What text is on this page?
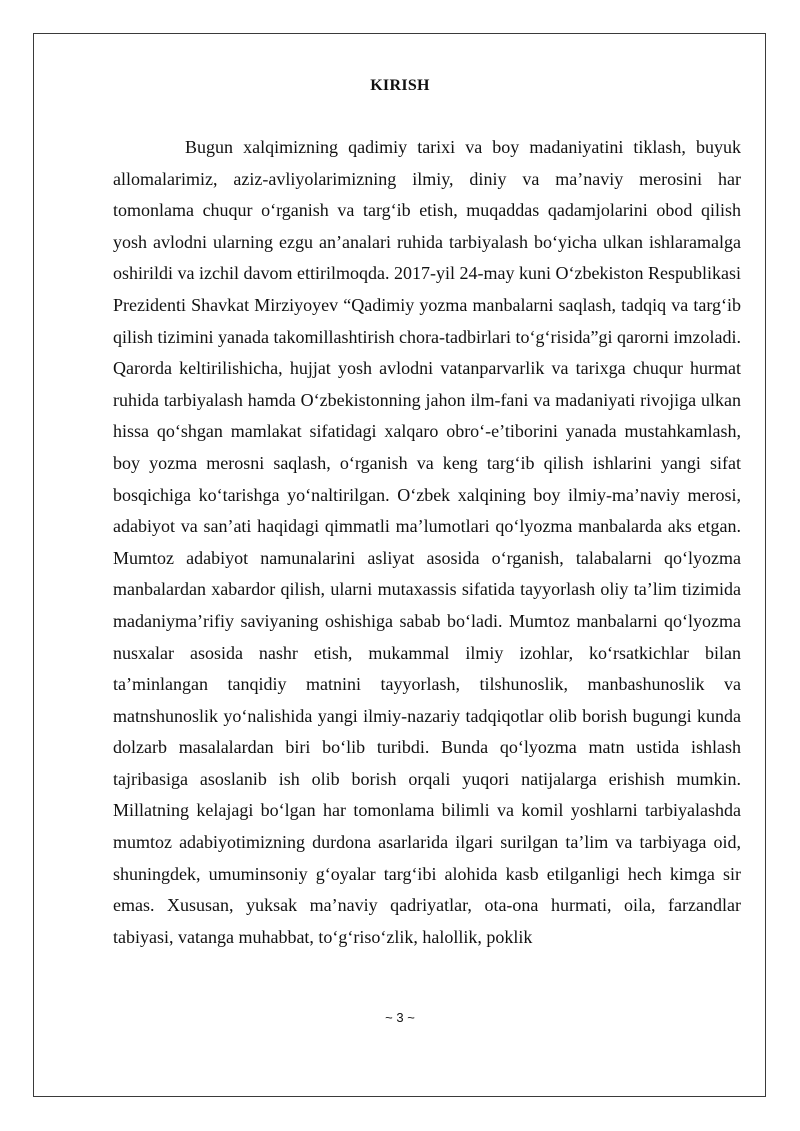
KIRISH

Bugun xalqimizning qadimiy tarixi va boy madaniyatini tiklash, buyuk allomalarimiz, aziz-avliyolarimizning ilmiy, diniy va ma’naviy merosini har tomonlama chuqur o‘rganish va targ‘ib etish, muqaddas qadamjolarini obod qilish yosh avlodni ularning ezgu an’analari ruhida tarbiyalash bo‘yicha ulkan ishlaramalga oshirildi va izchil davom ettirilmoqda. 2017-yil 24-may kuni O‘zbekiston Respublikasi Prezidenti Shavkat Mirziyoyev “Qadimiy yozma manbalarni saqlash, tadqiq va targ‘ib qilish tizimini yanada takomillashtirish chora-tadbirlari to‘g‘risida”gi qarorni imzoladi. Qarorda keltirilishicha, hujjat yosh avlodni vatanparvarlik va tarixga chuqur hurmat ruhida tarbiyalash hamda O‘zbekistonning jahon ilm-fani va madaniyati rivojiga ulkan hissa qo‘shgan mamlakat sifatidagi xalqaro obro‘-e’tiborini yanada mustahkamlash, boy yozma merosni saqlash, o‘rganish va keng targ‘ib qilish ishlarini yangi sifat bosqichiga ko‘tarishga yo‘naltirilgan. O‘zbek xalqining boy ilmiy-ma’naviy merosi, adabiyot va san’ati haqidagi qimmatli ma’lumotlari qo‘lyozma manbalarda aks etgan. Mumtoz adabiyot namunalarini asliyat asosida o‘rganish, talabalarni qo‘lyozma manbalardan xabardor qilish, ularni mutaxassis sifatida tayyorlash oliy ta’lim tizimida madaniyma’rifiy saviyaning oshishiga sabab bo‘ladi. Mumtoz manbalarni qo‘lyozma nusxalar asosida nashr etish, mukammal ilmiy izohlar, ko‘rsatkichlar bilan ta’minlangan tanqidiy matnini tayyorlash, tilshunoslik, manbashunoslik va matnshunoslik yo‘nalishida yangi ilmiy-nazariy tadqiqotlar olib borish bugungi kunda dolzarb masalalardan biri bo‘lib turibdi. Bunda qo‘lyozma matn ustida ishlash tajribasiga asoslanib ish olib borish orqali yuqori natijalarga erishish mumkin. Millatning kelajagi bo‘lgan har tomonlama bilimli va komil yoshlarni tarbiyalashda mumtoz adabiyotimizning durdona asarlarida ilgari surilgan ta’lim va tarbiyaga oid, shuningdek, umuminsoniy g‘oyalar targ‘ibi alohida kasb etilganligi hech kimga sir emas. Xususan, yuksak ma’naviy qadriyatlar, ota-ona hurmati, oila, farzandlar tabiyasi, vatanga muhabbat, to‘g‘riso‘zlik, halollik, poklik

~ 3 ~
